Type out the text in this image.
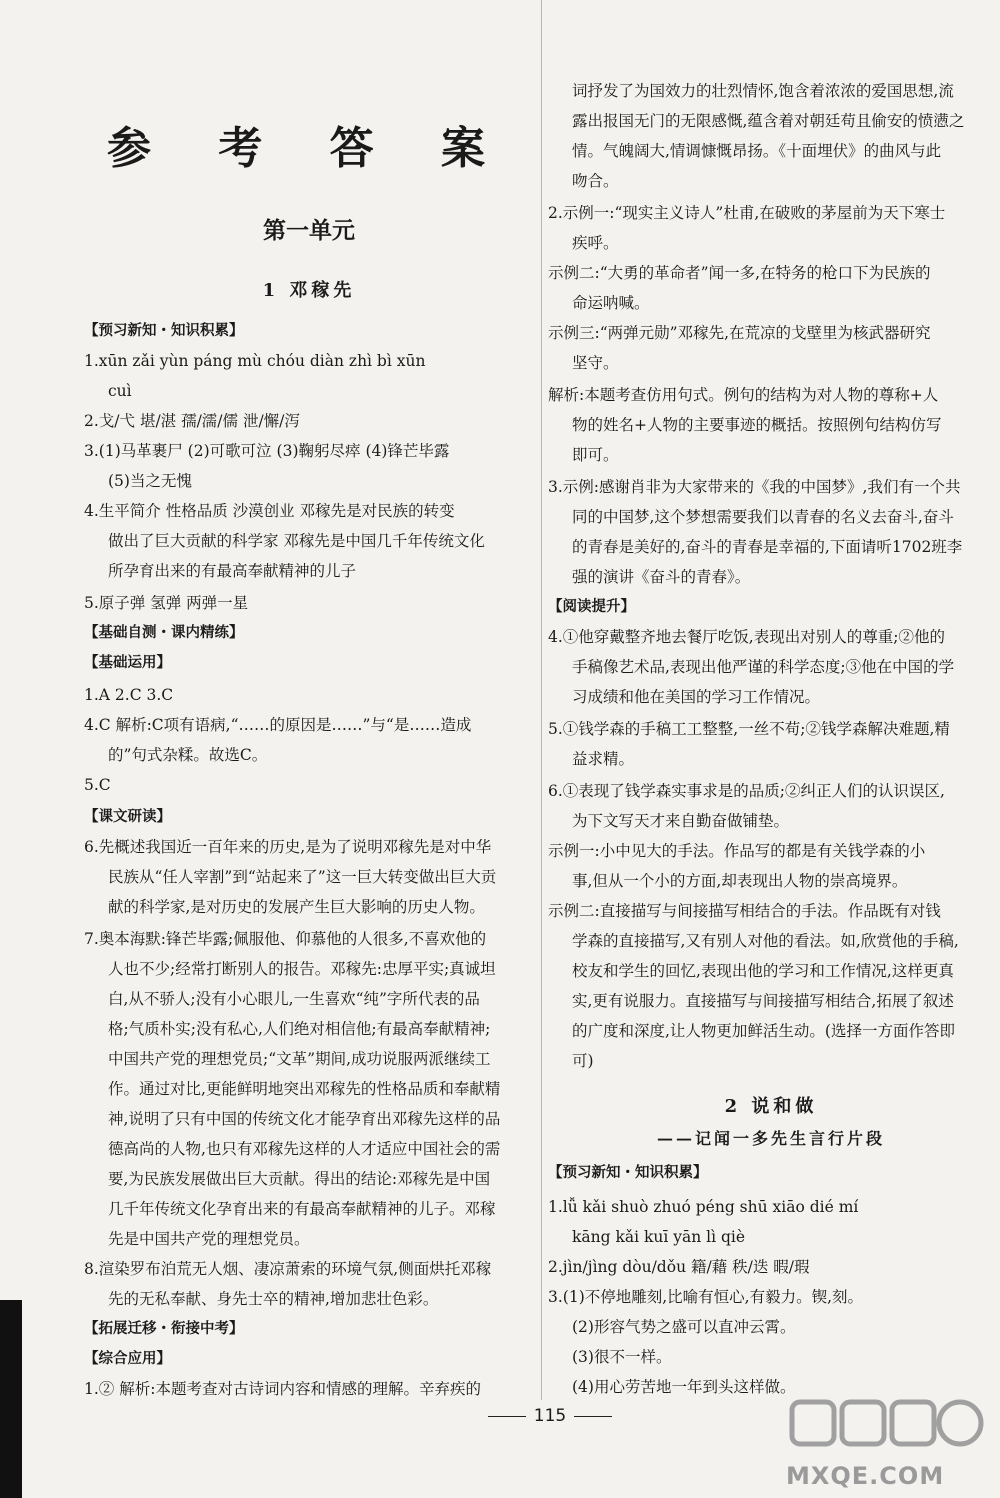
参 考 答 案
第一单元
1 邓稼先
【预习新知・知识积累】
1.xūn zǎi yùn páng mù chóu diàn zhì bì xūn
cuì
2.戈/弋 堪/湛 孺/濡/儒 泄/懈/泻
3.(1)马革裹尸 (2)可歌可泣 (3)鞠躬尽瘁 (4)锋芒毕露
(5)当之无愧
4.生平简介 性格品质 沙漠创业 邓稼先是对民族的转变
做出了巨大贡献的科学家 邓稼先是中国几千年传统文化
所孕育出来的有最高奉献精神的儿子
5.原子弹 氢弹 两弹一星
【基础自测・课内精练】
【基础运用】
1.A 2.C 3.C
4.C 解析:C项有语病,“……的原因是……”与“是……造成
的”句式杂糅。故选C。
5.C
【课文研读】
6.先概述我国近一百年来的历史,是为了说明邓稼先是对中华
民族从“任人宰割”到“站起来了”这一巨大转变做出巨大贡
献的科学家,是对历史的发展产生巨大影响的历史人物。
7.奥本海默:锋芒毕露;佩服他、仰慕他的人很多,不喜欢他的
人也不少;经常打断别人的报告。邓稼先:忠厚平实;真诚坦
白,从不骄人;没有小心眼儿,一生喜欢“纯”字所代表的品
格;气质朴实;没有私心,人们绝对相信他;有最高奉献精神;
中国共产党的理想党员;“文革”期间,成功说服两派继续工
作。通过对比,更能鲜明地突出邓稼先的性格品质和奉献精
神,说明了只有中国的传统文化才能孕育出邓稼先这样的品
德高尚的人物,也只有邓稼先这样的人才适应中国社会的需
要,为民族发展做出巨大贡献。得出的结论:邓稼先是中国
几千年传统文化孕育出来的有最高奉献精神的儿子。邓稼
先是中国共产党的理想党员。
8.渲染罗布泊荒无人烟、凄凉萧索的环境气氛,侧面烘托邓稼
先的无私奉献、身先士卒的精神,增加悲壮色彩。
【拓展迁移・衔接中考】
【综合应用】
1.② 解析:本题考查对古诗词内容和情感的理解。辛弃疾的
2 说和做
——记闻一多先生言行片段
词抒发了为国效力的壮烈情怀,饱含着浓浓的爱国思想,流
露出报国无门的无限感慨,蕴含着对朝廷苟且偷安的愤懑之
情。气魄阔大,情调慷慨昂扬。《十面埋伏》的曲风与此
吻合。
2.示例一:“现实主义诗人”杜甫,在破败的茅屋前为天下寒士
疾呼。
示例二:“大勇的革命者”闻一多,在特务的枪口下为民族的
命运呐喊。
示例三:“两弹元勋”邓稼先,在荒凉的戈壁里为核武器研究
坚守。
解析:本题考查仿用句式。例句的结构为对人物的尊称+人
物的姓名+人物的主要事迹的概括。按照例句结构仿写
即可。
3.示例:感谢肖非为大家带来的《我的中国梦》,我们有一个共
同的中国梦,这个梦想需要我们以青春的名义去奋斗,奋斗
的青春是美好的,奋斗的青春是幸福的,下面请听1702班李
强的演讲《奋斗的青春》。
【阅读提升】
4.①他穿戴整齐地去餐厅吃饭,表现出对别人的尊重;②他的
手稿像艺术品,表现出他严谨的科学态度;③他在中国的学
习成绩和他在美国的学习工作情况。
5.①钱学森的手稿工工整整,一丝不苟;②钱学森解决难题,精
益求精。
6.①表现了钱学森实事求是的品质;②纠正人们的认识误区,
为下文写天才来自勤奋做铺垫。
示例一:小中见大的手法。作品写的都是有关钱学森的小
事,但从一个小的方面,却表现出人物的崇高境界。
示例二:直接描写与间接描写相结合的手法。作品既有对钱
学森的直接描写,又有别人对他的看法。如,欣赏他的手稿,
校友和学生的回忆,表现出他的学习和工作情况,这样更真
实,更有说服力。直接描写与间接描写相结合,拓展了叙述
的广度和深度,让人物更加鲜活生动。(选择一方面作答即
可)
【预习新知・知识积累】
1.lǚ kǎi shuò zhuó péng shū xiāo dié mí
kāng kǎi kuī yān lì qiè
2.jìn/jìng dòu/dǒu 籍/藉 秩/迭 暇/瑕
3.(1)不停地雕刻,比喻有恒心,有毅力。锲,刻。
(2)形容气势之盛可以直冲云霄。
(3)很不一样。
(4)用心劳苦地一年到头这样做。
115
MXQE.COM
